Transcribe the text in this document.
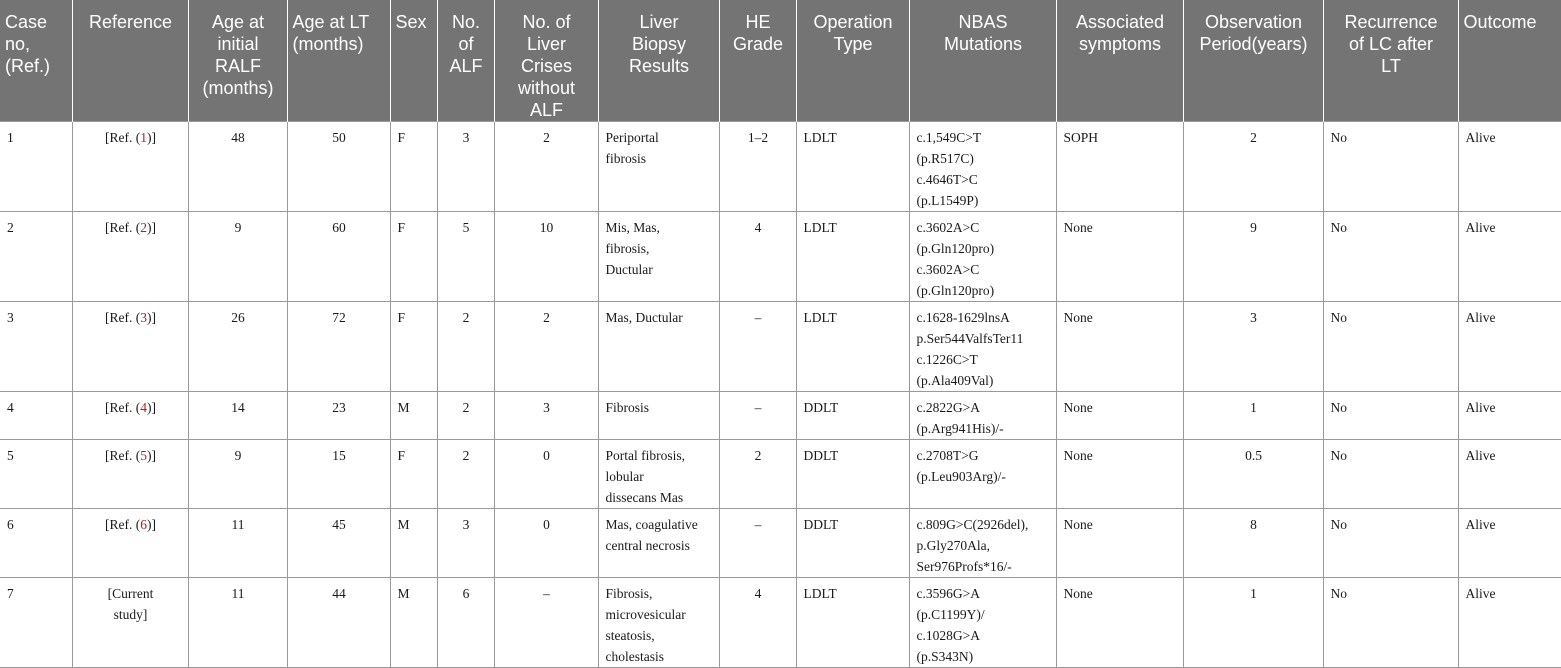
Case
no,
(Ref.)	Reference	Age at
initial
RALF
(months)	Age at LT
(months)	Sex	No.
of
ALF	No. of
Liver
Crises
without
ALF	Liver
Biopsy
Results	HE
Grade	Operation
Type	NBAS
Mutations	Associated
symptoms	Observation
Period(years)	Recurrence
of LC after
LT	Outcome

1	[Ref. (1)]	48	50	F	3	2	Periportal
fibrosis	1–2	LDLT	c.1,549C>T
(p.R517C)
c.4646T>C
(p.L1549P)	SOPH	2	No	Alive
2	[Ref. (2)]	9	60	F	5	10	Mis, Mas,
fibrosis,
Ductular	4	LDLT	c.3602A>C
(p.Gln120pro)
c.3602A>C
(p.Gln120pro)	None	9	No	Alive
3	[Ref. (3)]	26	72	F	2	2	Mas, Ductular	–	LDLT	c.1628-1629lnsA
p.Ser544ValfsTer11
c.1226C>T
(p.Ala409Val)	None	3	No	Alive
4	[Ref. (4)]	14	23	M	2	3	Fibrosis	–	DDLT	c.2822G>A
(p.Arg941His)/-	None	1	No	Alive
5	[Ref. (5)]	9	15	F	2	0	Portal fibrosis,
lobular
dissecans Mas	2	DDLT	c.2708T>G
(p.Leu903Arg)/-	None	0.5	No	Alive
6	[Ref. (6)]	11	45	M	3	0	Mas, coagulative
central necrosis	–	DDLT	c.809G>C(2926del),
p.Gly270Ala,
Ser976Profs*16/-	None	8	No	Alive
7	[Current
study]	11	44	M	6	–	Fibrosis,
microvesicular
steatosis,
cholestasis	4	LDLT	c.3596G>A
(p.C1199Y)/
c.1028G>A
(p.S343N)	None	1	No	Alive
